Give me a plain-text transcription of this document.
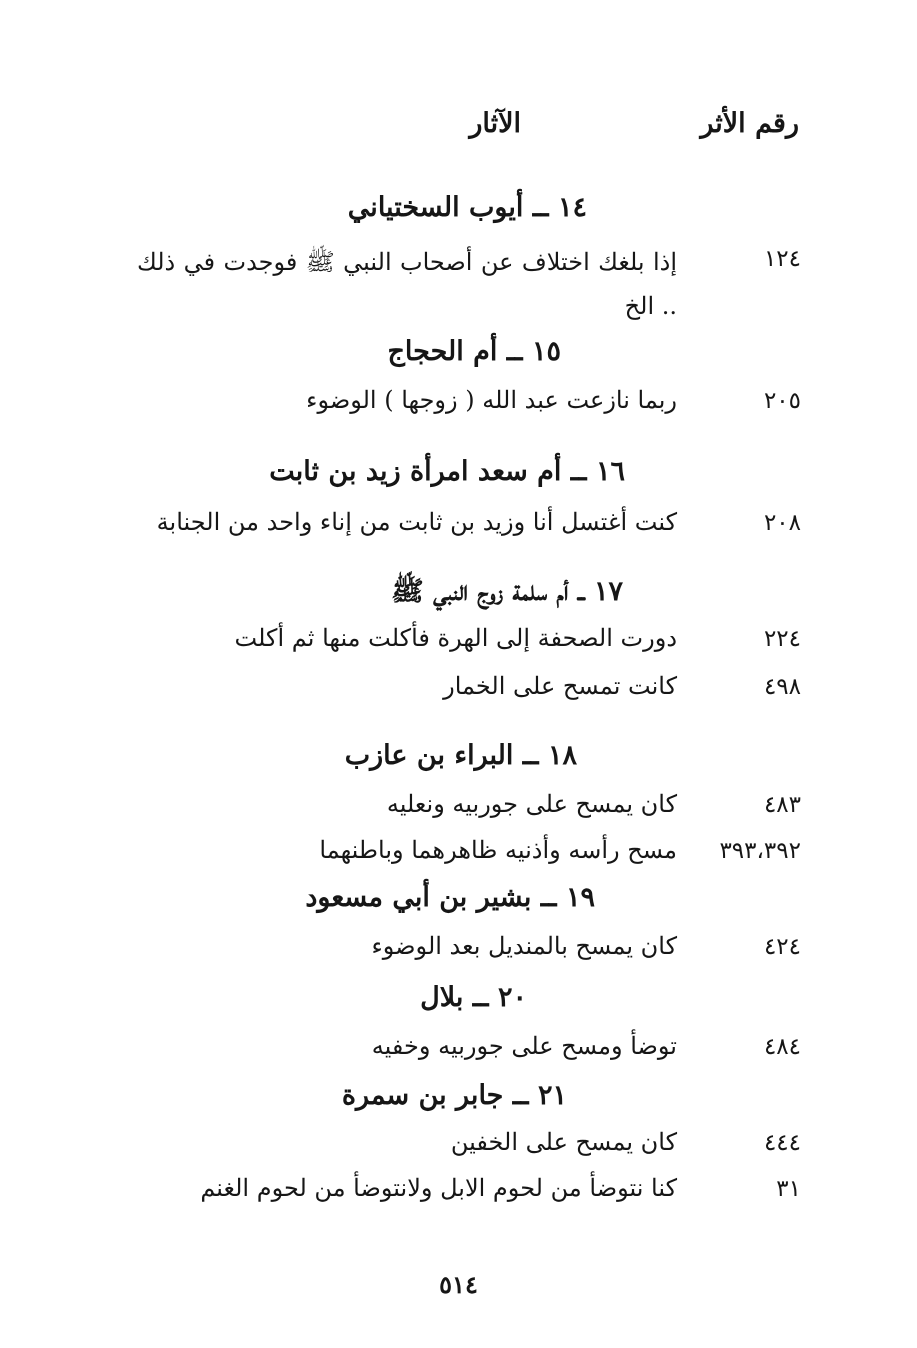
رقم الأثر
الآثار
١٤ ــ أيوب السختياني
١٢٤
إذا بلغك اختلاف عن أصحاب النبي ﷺ فوجدت في ذلك .. الخ
١٥ ــ أم الحجاج
٢٠٥
ربما نازعت عبد الله ( زوجها ) الوضوء
١٦ ــ أم سعد امرأة زيد بن ثابت
٢٠٨
كنت أغتسل أنا وزيد بن ثابت من إناء واحد من الجنابة
١٧ ــ أم سلمة زوج النبي ﷺ
٢٢٤
دورت الصحفة إلى الهرة فأكلت منها ثم أكلت
٤٩٨
كانت تمسح على الخمار
١٨ ــ البراء بن عازب
٤٨٣
كان يمسح على جوربيه ونعليه
٣٩٣،٣٩٢
مسح رأسه وأذنيه ظاهرهما وباطنهما
١٩ ــ بشير بن أبي مسعود
٤٢٤
كان يمسح بالمنديل بعد الوضوء
٢٠ ــ بلال
٤٨٤
توضأ ومسح على جوربيه وخفيه
٢١ ــ جابر بن سمرة
٤٤٤
كان يمسح على الخفين
٣١
كنا نتوضأ من لحوم الابل ولانتوضأ من لحوم الغنم
٥١٤
